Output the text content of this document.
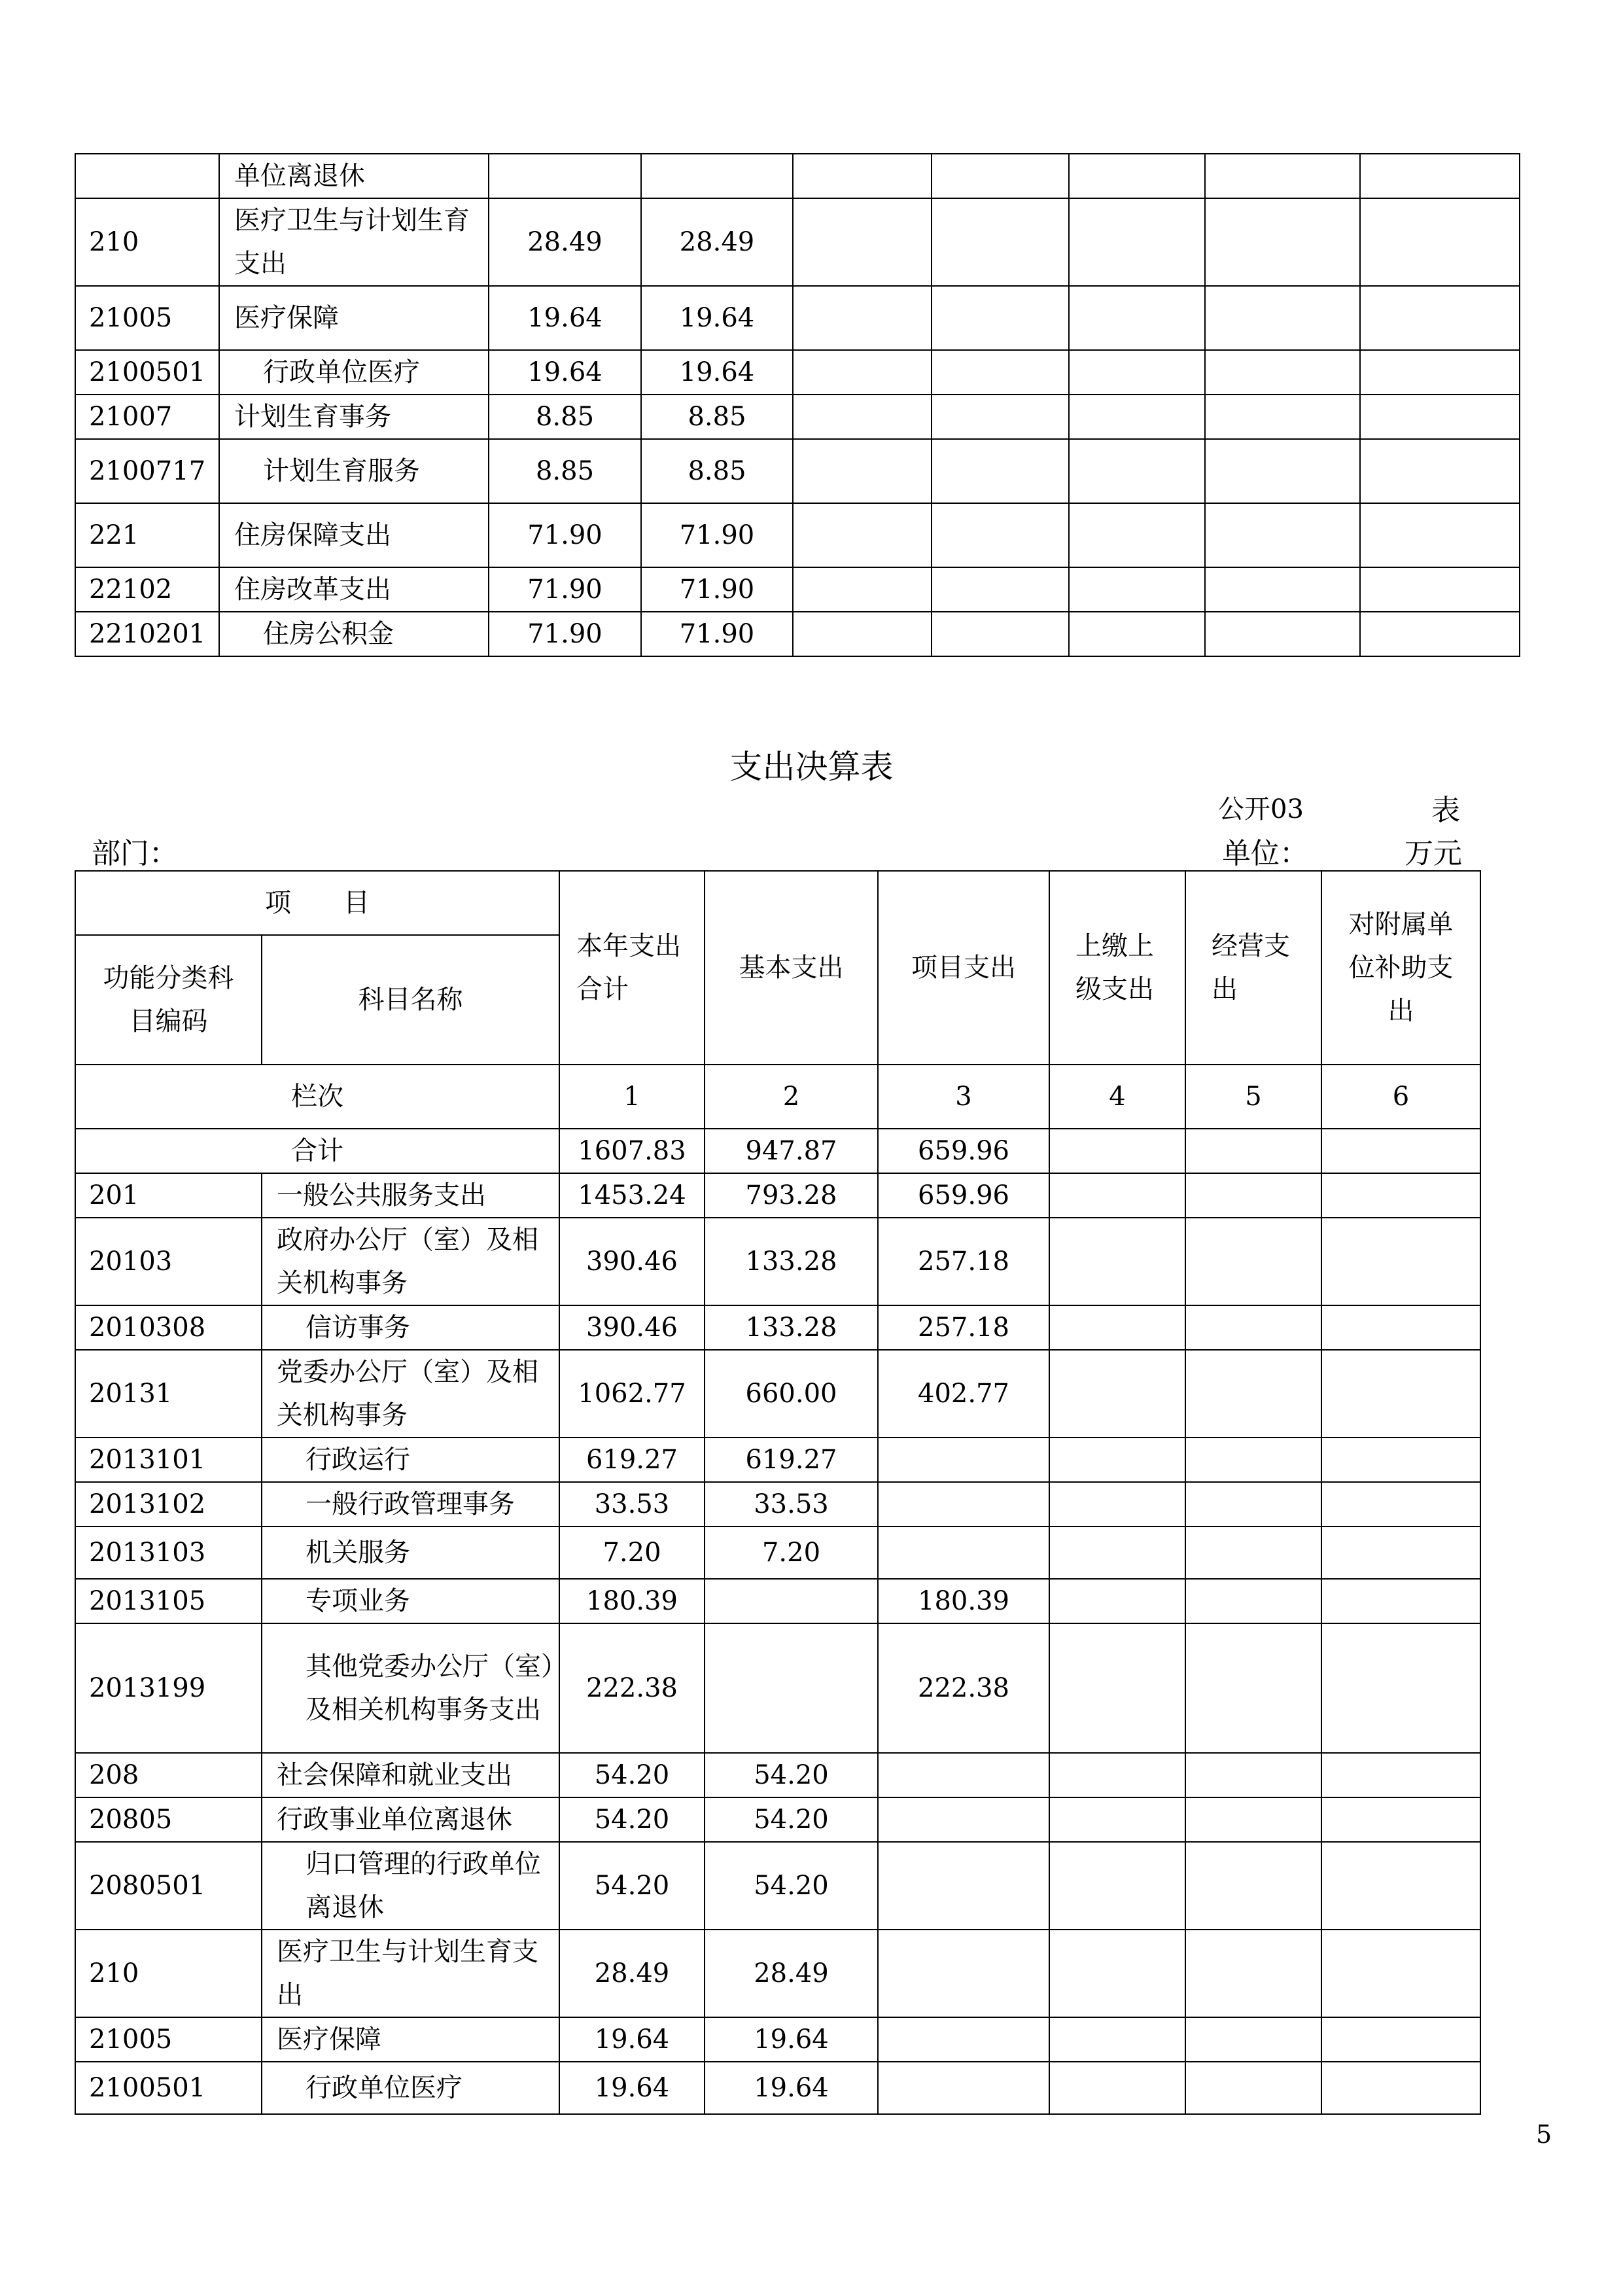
	单位离退休							
210	医疗卫生与计划生育支出	28.49	28.49					
21005	医疗保障	19.64	19.64					
2100501	行政单位医疗	19.64	19.64					
21007	计划生育事务	8.85	8.85					
2100717	计划生育服务	8.85	8.85					
221	住房保障支出	71.90	71.90					
22102	住房改革支出	71.90	71.90					
2210201	住房公积金	71.90	71.90					
支出决算表
公开03	表
部门：	单位：	万元
项　　目		本年支出合计	基本支出	项目支出	上缴上级支出	经营支出	对附属单位补助支出

功能分类科目编码	科目名称						
栏次		1	2	3	4	5	6
合计		1607.83	947.87	659.96			
201	一般公共服务支出	1453.24	793.28	659.96			
20103	政府办公厅（室）及相关机构事务	390.46	133.28	257.18			
2010308	信访事务	390.46	133.28	257.18			
20131	党委办公厅（室）及相关机构事务	1062.77	660.00	402.77			
2013101	行政运行	619.27	619.27				
2013102	一般行政管理事务	33.53	33.53				
2013103	机关服务	7.20	7.20				
2013105	专项业务	180.39		180.39			
2013199	其他党委办公厅（室）及相关机构事务支出	222.38		222.38			
208	社会保障和就业支出	54.20	54.20				
20805	行政事业单位离退休	54.20	54.20				
2080501	归口管理的行政单位离退休	54.20	54.20				
210	医疗卫生与计划生育支出	28.49	28.49				
21005	医疗保障	19.64	19.64				
2100501	行政单位医疗	19.64	19.64				
5
